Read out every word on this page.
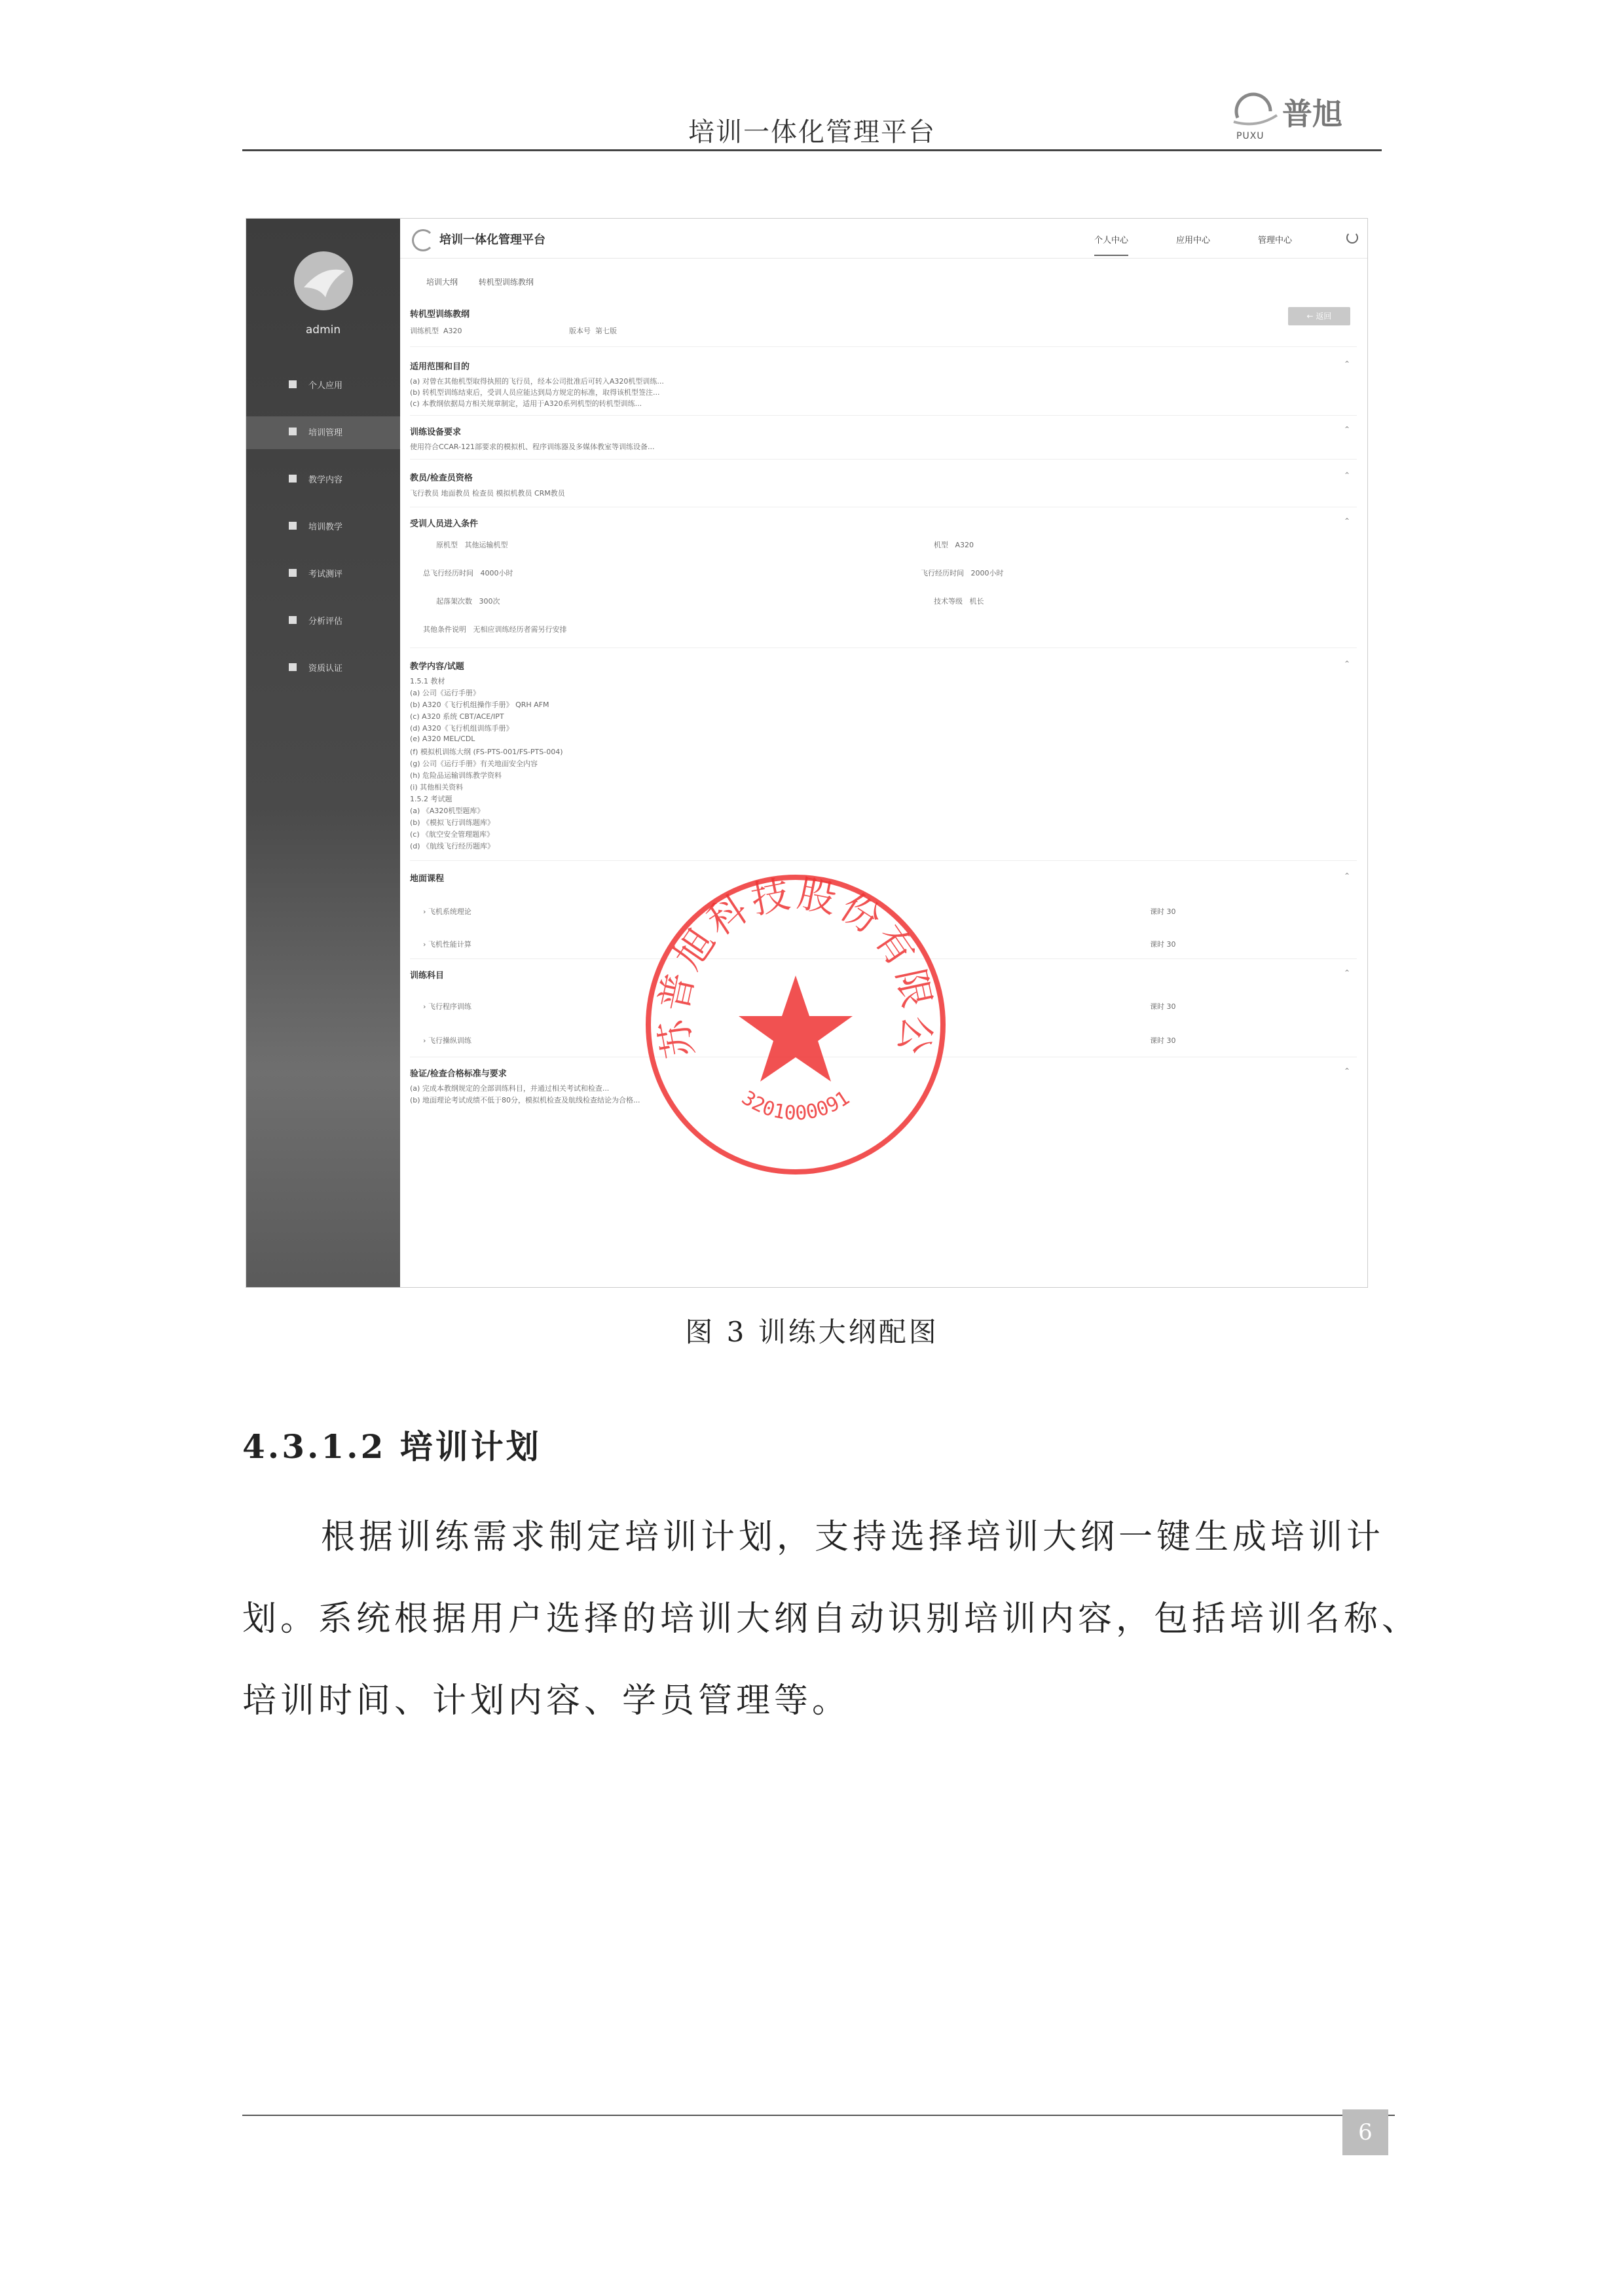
培训一体化管理平台
普旭
PUXU
admin
个人应用
培训管理
教学内容
培训教学
考试测评
分析评估
资质认证
培训一体化管理平台	个人中心	应用中心	管理中心
培训大纲	转机型训练教纲
转机型训练教纲	← 返回
训练机型 A320	版本号 第七版
适用范围和目的	⌃
(a) 对曾在其他机型取得执照的飞行员，经本公司批准后可转入A320机型训练...
(b) 转机型训练结束后，受训人员应能达到局方规定的标准，取得该机型签注...
(c) 本教纲依据局方相关规章制定，适用于A320系列机型的转机型训练...
训练设备要求	⌃
使用符合CCAR-121部要求的模拟机、程序训练器及多媒体教室等训练设备...
教员/检查员资格	⌃
飞行教员 地面教员 检查员 模拟机教员 CRM教员
受训人员进入条件	⌃
原机型 其他运输机型	机型 A320
总飞行经历时间 4000小时	飞行经历时间 2000小时
起落架次数 300次	技术等级 机长
其他条件说明 无相应训练经历者需另行安排
教学内容/试题	⌃
1.5.1 教材
(a) 公司《运行手册》
(b) A320《飞行机组操作手册》 QRH AFM
(c) A320 系统 CBT/ACE/IPT
(d) A320《飞行机组训练手册》
(e) A320 MEL/CDL
(f) 模拟机训练大纲 (FS-PTS-001/FS-PTS-004)
(g) 公司《运行手册》有关地面安全内容
(h) 危险品运输训练教学资料
(i) 其他相关资料
1.5.2 考试题
(a) 《A320机型题库》
(b) 《模拟飞行训练题库》
(c) 《航空安全管理题库》
(d) 《航线飞行经历题库》
地面课程	⌃
› 飞机系统理论	课时 30
› 飞机性能计算	课时 30
训练科目	⌃
› 飞行程序训练	课时 30
› 飞行操纵训练	课时 30
验证/检查合格标准与要求	⌃
(a) 完成本教纲规定的全部训练科目，并通过相关考试和检查...
(b) 地面理论考试成绩不低于80分，模拟机检查及航线检查结论为合格...
苏普旭科技股份有限公
3201000091
图 3 训练大纲配图
4.3.1.2 培训计划
根据训练需求制定培训计划，支持选择培训大纲一键生成培训计
划。系统根据用户选择的培训大纲自动识别培训内容，包括培训名称、
培训时间、计划内容、学员管理等。
6
